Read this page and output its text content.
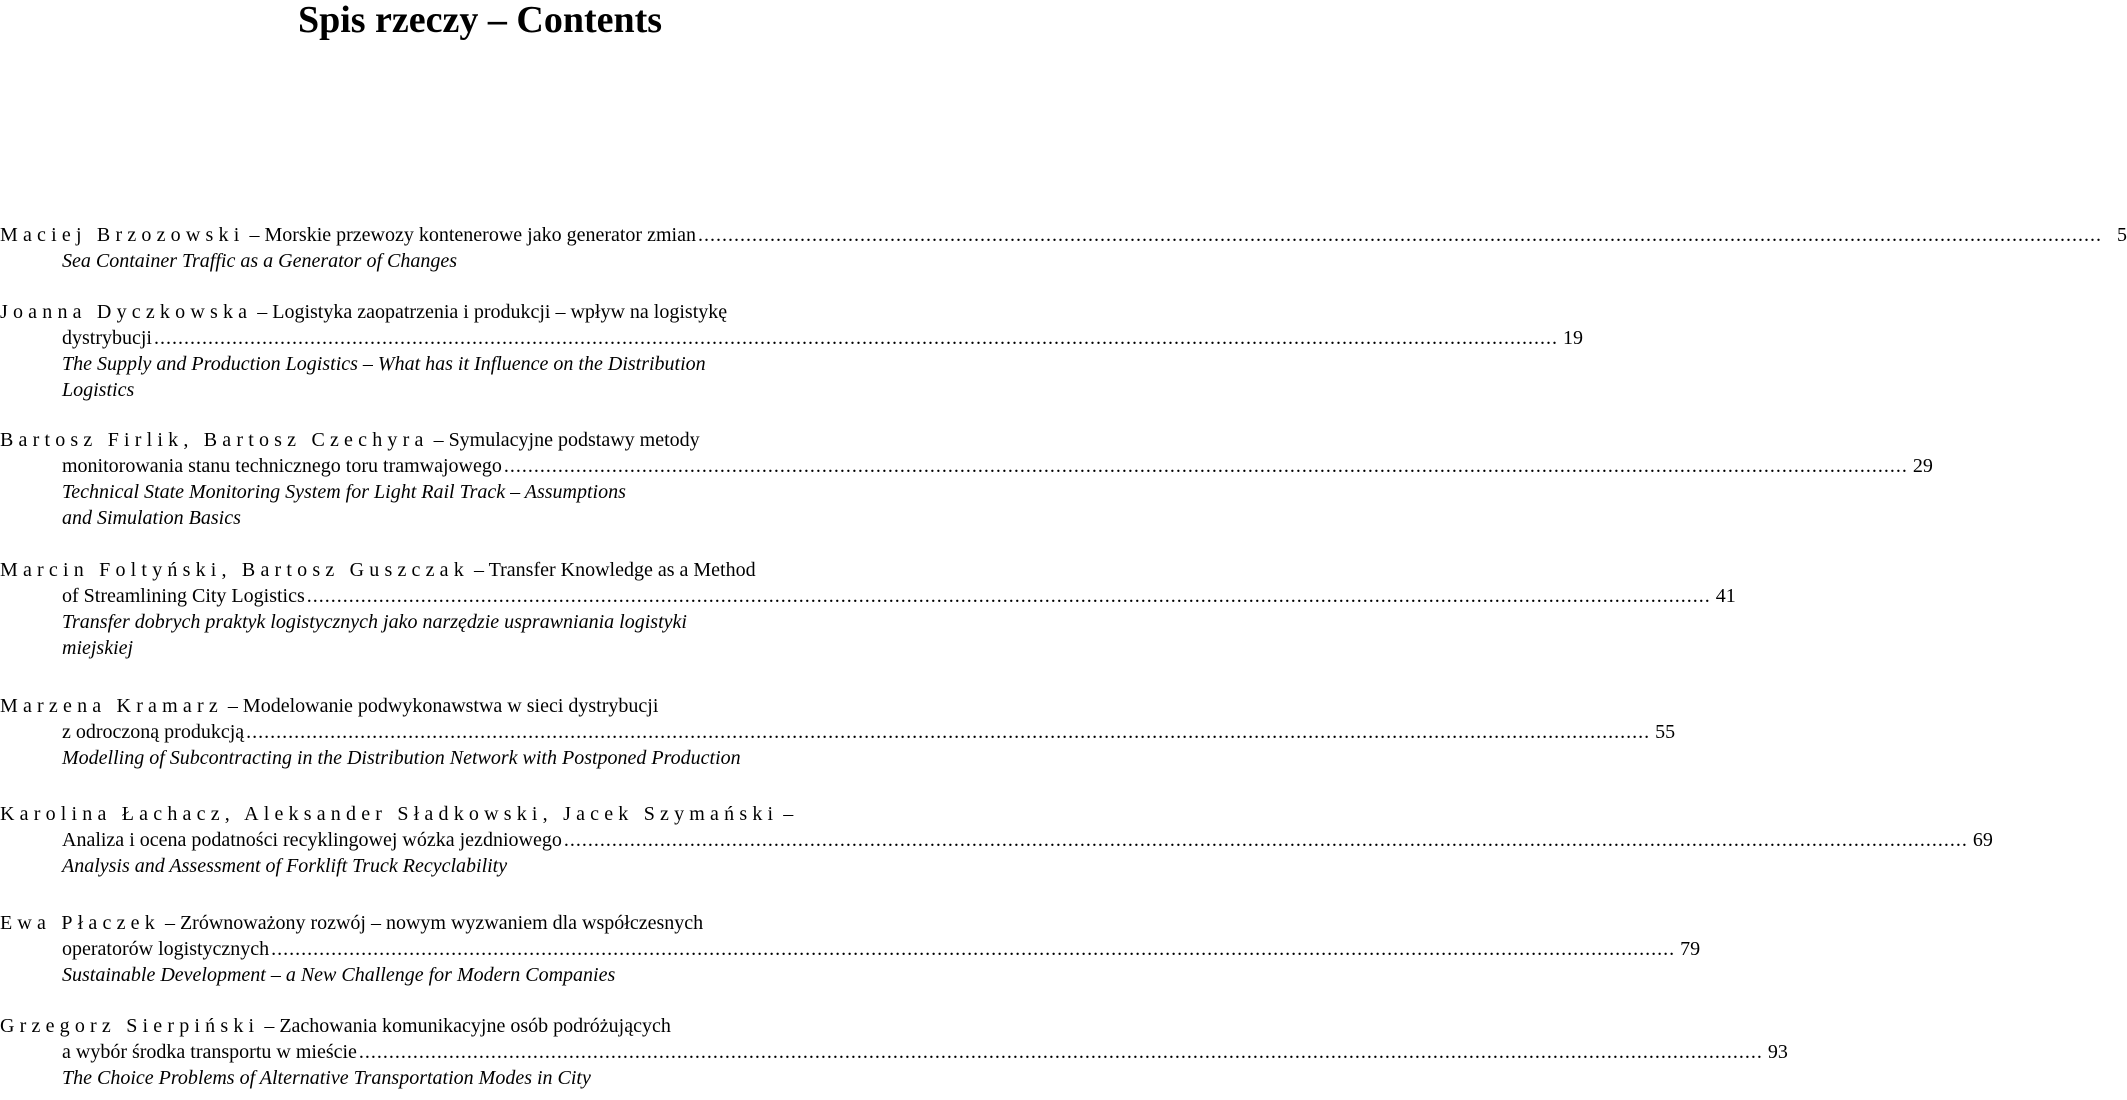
Spis rzeczy – Contents
Maciej Brzozowski – Morskie przewozy kontenerowe jako generator zmian .......................................................................................................................................................................................................................................... 5
Sea Container Traffic as a Generator of Changes
Joanna Dyczkowska – Logistyka zaopatrzenia i produkcji – wpływ na logistykę
dystrybucji .......................................................................................................................................................................................................................................... 19
The Supply and Production Logistics – What has it Influence on the Distribution
Logistics
Bartosz Firlik, Bartosz Czechyra – Symulacyjne podstawy metody
monitorowania stanu technicznego toru tramwajowego .......................................................................................................................................................................................................................................... 29
Technical State Monitoring System for Light Rail Track – Assumptions
and Simulation Basics
Marcin Foltyński, Bartosz Guszczak – Transfer Knowledge as a Method
of Streamlining City Logistics .......................................................................................................................................................................................................................................... 41
Transfer dobrych praktyk logistycznych jako narzędzie usprawniania logistyki
miejskiej
Marzena Kramarz – Modelowanie podwykonawstwa w sieci dystrybucji
z odroczoną produkcją .......................................................................................................................................................................................................................................... 55
Modelling of Subcontracting in the Distribution Network with Postponed Production
Karolina Łachacz, Aleksander Sładkowski, Jacek Szymański –
Analiza i ocena podatności recyklingowej wózka jezdniowego .......................................................................................................................................................................................................................................... 69
Analysis and Assessment of Forklift Truck Recyclability
Ewa Płaczek – Zrównoważony rozwój – nowym wyzwaniem dla współczesnych
operatorów logistycznych .......................................................................................................................................................................................................................................... 79
Sustainable Development – a New Challenge for Modern Companies
Grzegorz Sierpiński – Zachowania komunikacyjne osób podróżujących
a wybór środka transportu w mieście .......................................................................................................................................................................................................................................... 93
The Choice Problems of Alternative Transportation Modes in City
